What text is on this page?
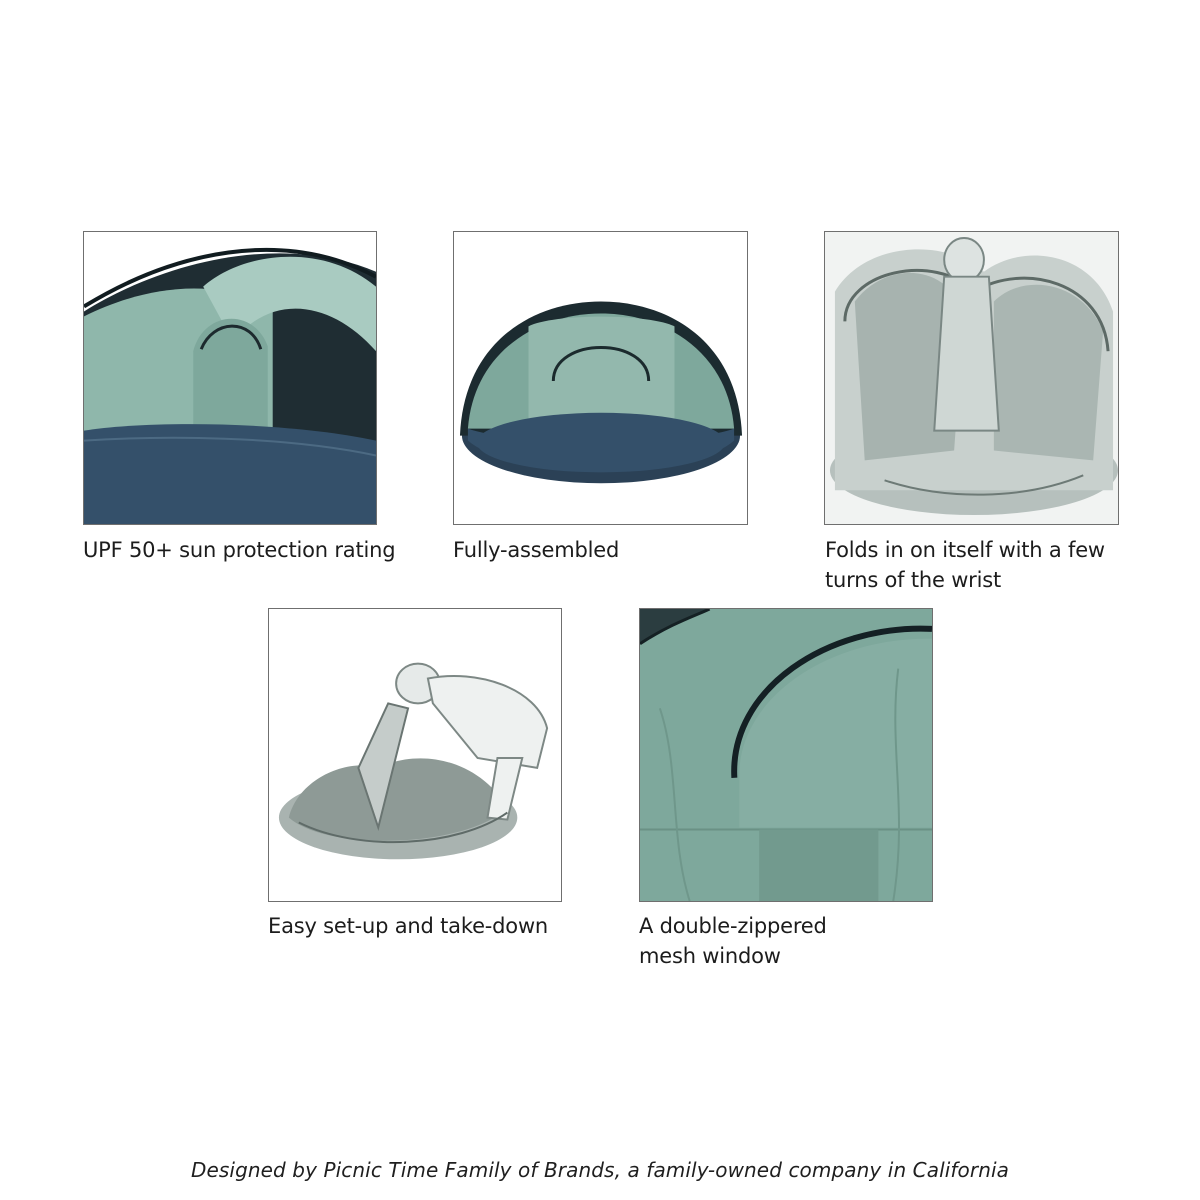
UPF 50+ sun protection rating	Fully-assembled	Folds in on itself with a few
turns of the wrist
Easy set-up and take-down	A double-zippered
mesh window
Designed by Picnic Time Family of Brands, a family-owned company in California
